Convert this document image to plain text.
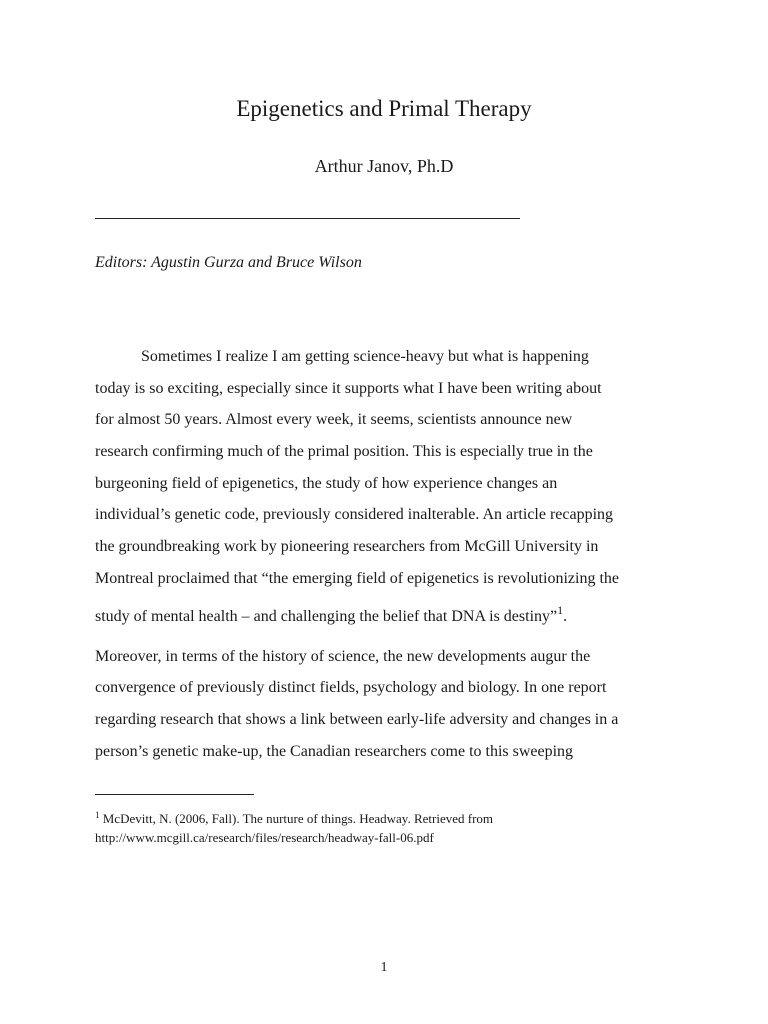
Epigenetics and Primal Therapy
Arthur Janov, Ph.D
Editors: Agustin Gurza and Bruce Wilson
Sometimes I realize I am getting science-heavy but what is happening
today is so exciting, especially since it supports what I have been writing about
for almost 50 years. Almost every week, it seems, scientists announce new
research confirming much of the primal position. This is especially true in the
burgeoning field of epigenetics, the study of how experience changes an
individual’s genetic code, previously considered inalterable. An article recapping
the groundbreaking work by pioneering researchers from McGill University in
Montreal proclaimed that “the emerging field of epigenetics is revolutionizing the
study of mental health – and challenging the belief that DNA is destiny”$^1$.
Moreover, in terms of the history of science, the new developments augur the
convergence of previously distinct fields, psychology and biology. In one report
regarding research that shows a link between early-life adversity and changes in a
person’s genetic make-up, the Canadian researchers come to this sweeping
$^1$ McDevitt, N. (2006, Fall). The nurture of things. Headway. Retrieved from
http://www.mcgill.ca/research/files/research/headway-fall-06.pdf
1
